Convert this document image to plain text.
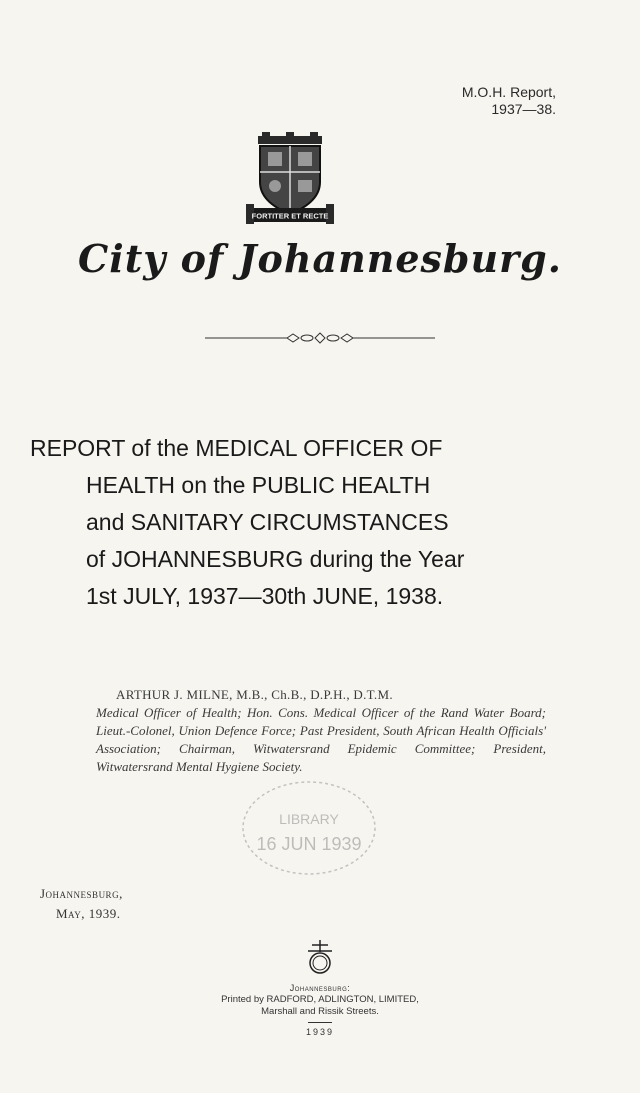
M.O.H. Report,
1937—38.
FORTITER ET RECTE
City of Johannesburg.
REPORT of the MEDICAL OFFICER OF
HEALTH on the PUBLIC HEALTH
and SANITARY CIRCUMSTANCES
of JOHANNESBURG during the Year
1st JULY, 1937—30th JUNE, 1938.
ARTHUR J. MILNE, M.B., Ch.B., D.P.H., D.T.M.
Medical Officer of Health; Hon. Cons. Medical Officer of the Rand Water Board; Lieut.-Colonel, Union Defence Force; Past President, South African Health Officials' Association; Chairman, Witwatersrand Epidemic Committee; President, Witwatersrand Mental Hygiene Society.
LIBRARY
16 JUN 1939
Johannesburg,
May, 1939.
Johannesburg:
Printed by RADFORD, ADLINGTON, LIMITED,
Marshall and Rissik Streets.
1939
